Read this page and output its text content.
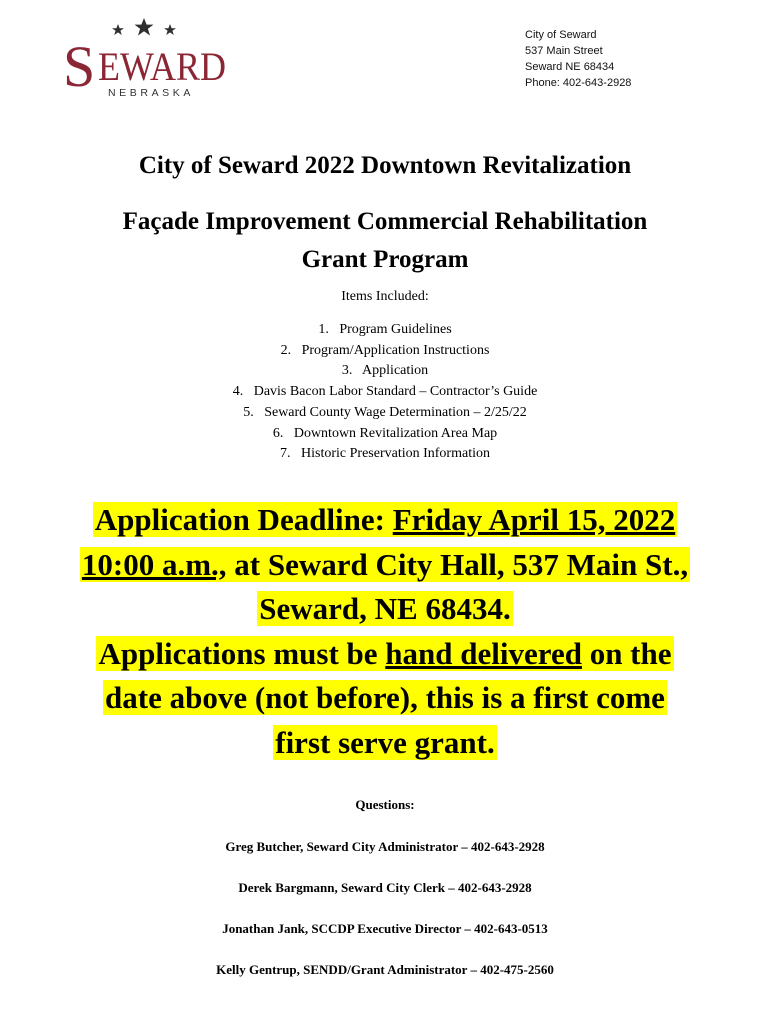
S EWARD
NEBRASKA
City of Seward
537 Main Street
Seward NE 68434
Phone: 402-643-2928
City of Seward 2022 Downtown Revitalization
Façade Improvement Commercial Rehabilitation
Grant Program
Items Included:
1.   Program Guidelines
2.   Program/Application Instructions
3.   Application
4.   Davis Bacon Labor Standard – Contractor’s Guide
5.   Seward County Wage Determination – 2/25/22
6.   Downtown Revitalization Area Map
7.   Historic Preservation Information
Application Deadline: Friday April 15, 2022
10:00 a.m., at Seward City Hall, 537 Main St.,
Seward, NE 68434.
Applications must be hand delivered on the
date above (not before), this is a first come
first serve grant.
Questions:
Greg Butcher, Seward City Administrator – 402-643-2928
Derek Bargmann, Seward City Clerk – 402-643-2928
Jonathan Jank, SCCDP Executive Director – 402-643-0513
Kelly Gentrup, SENDD/Grant Administrator – 402-475-2560
